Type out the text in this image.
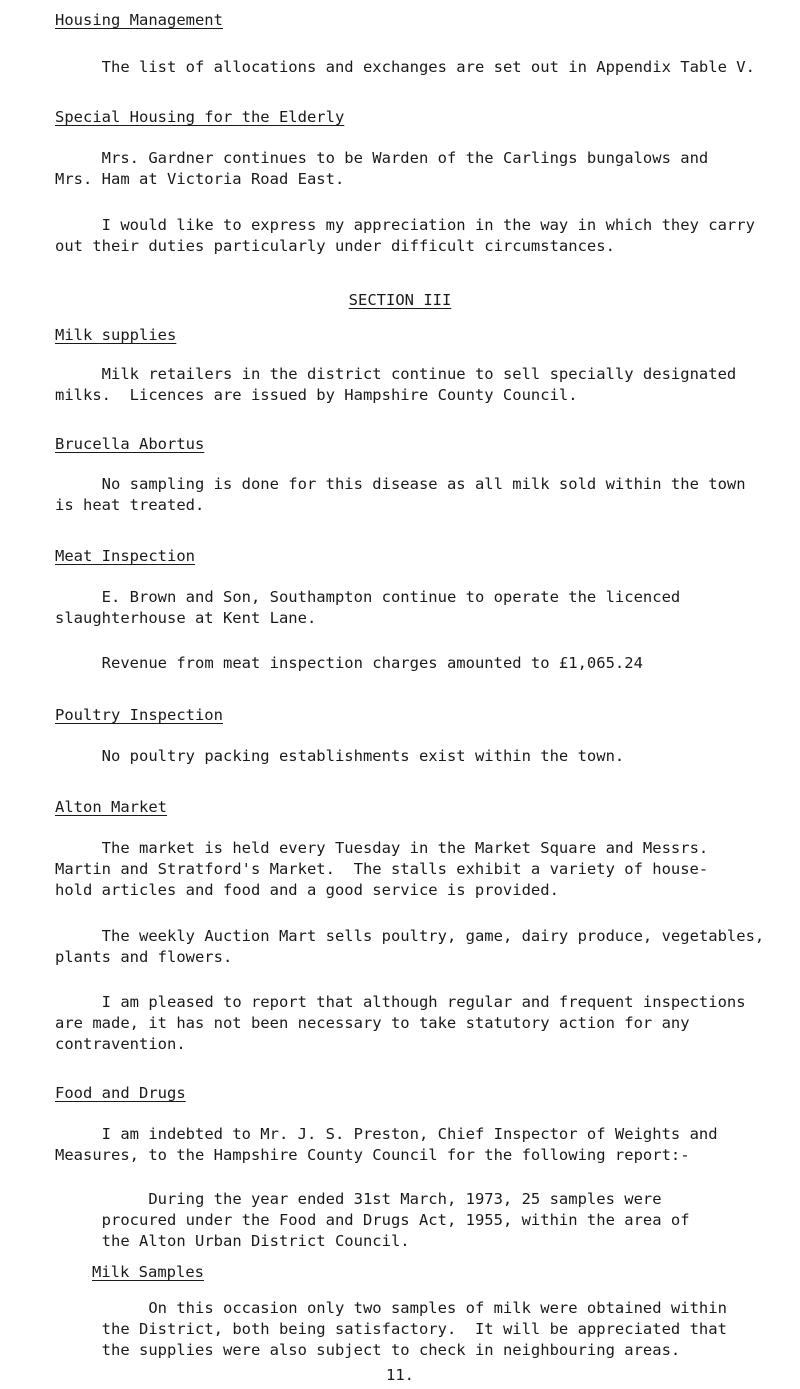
Housing Management

The list of allocations and exchanges are set out in Appendix Table V.

Special Housing for the Elderly

Mrs. Gardner continues to be Warden of the Carlings bungalows and
Mrs. Ham at Victoria Road East.

I would like to express my appreciation in the way in which they carry
out their duties particularly under difficult circumstances.

SECTION III
Milk supplies

Milk retailers in the district continue to sell specially designated
milks.  Licences are issued by Hampshire County Council.

Brucella Abortus

No sampling is done for this disease as all milk sold within the town
is heat treated.

Meat Inspection

E. Brown and Son, Southampton continue to operate the licenced
slaughterhouse at Kent Lane.

Revenue from meat inspection charges amounted to £1,065.24

Poultry Inspection

No poultry packing establishments exist within the town.

Alton Market

The market is held every Tuesday in the Market Square and Messrs.
Martin and Stratford's Market.  The stalls exhibit a variety of house-
hold articles and food and a good service is provided.

The weekly Auction Mart sells poultry, game, dairy produce, vegetables,
plants and flowers.

I am pleased to report that although regular and frequent inspections
are made, it has not been necessary to take statutory action for any
contravention.

Food and Drugs

I am indebted to Mr. J. S. Preston, Chief Inspector of Weights and
Measures, to the Hampshire County Council for the following report:-

During the year ended 31st March, 1973, 25 samples were
procured under the Food and Drugs Act, 1955, within the area of
the Alton Urban District Council.

Milk Samples

On this occasion only two samples of milk were obtained within
the District, both being satisfactory.  It will be appreciated that
the supplies were also subject to check in neighbouring areas.

11.
